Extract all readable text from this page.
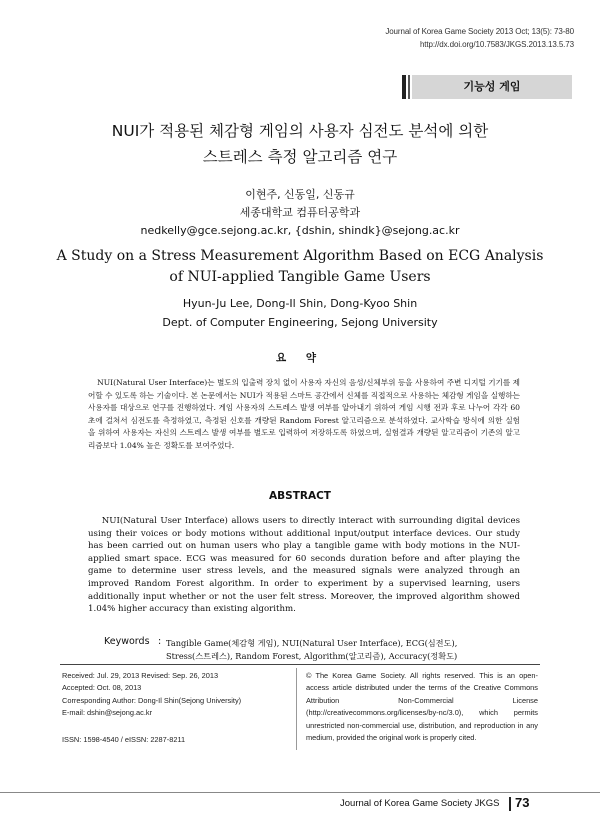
Journal of Korea Game Society 2013 Oct; 13(5): 73-80
http://dx.doi.org/10.7583/JKGS.2013.13.5.73
기능성 게임
NUI가 적용된 체감형 게임의 사용자 심전도 분석에 의한
스트레스 측정 알고리즘 연구
이현주, 신동일, 신동규
세종대학교 컴퓨터공학과
nedkelly@gce.sejong.ac.kr, {dshin, shindk}@sejong.ac.kr
A Study on a Stress Measurement Algorithm Based on ECG Analysis
of NUI-applied Tangible Game Users
Hyun-Ju Lee, Dong-Il Shin, Dong-Kyoo Shin
Dept. of Computer Engineering, Sejong University
요 약
NUI(Natural User Interface)는 별도의 입출력 장치 없이 사용자 자신의 음성/신체부위 등을 사용하여 주변 디지털 기기를 제어할 수 있도록 하는 기술이다. 본 논문에서는 NUI가 적용된 스마트 공간에서 신체를 직접적으로 사용하는 체감형 게임을 실행하는 사용자를 대상으로 연구를 진행하였다. 게임 사용자의 스트레스 발생 여부를 알아내기 위하여 게임 시행 전과 후로 나누어 각각 60초에 걸쳐서 심전도를 측정하였고, 측정된 신호를 개량된 Random Forest 알고리즘으로 분석하였다. 교사학습 방식에 의한 실험을 위하여 사용자는 자신의 스트레스 발생 여부를 별도로 입력하여 저장하도록 하였으며, 실험결과 개량된 알고리즘이 기존의 알고리즘보다 1.04% 높은 정확도를 보여주었다.
ABSTRACT
NUI(Natural User Interface) allows users to directly interact with surrounding digital devices using their voices or body motions without additional input/output interface devices. Our study has been carried out on human users who play a tangible game with body motions in the NUI-applied smart space. ECG was measured for 60 seconds duration before and after playing the game to determine user stress levels, and the measured signals were analyzed through an improved Random Forest algorithm. In order to experiment by a supervised learning, users additionally input whether or not the user felt stress. Moreover, the improved algorithm showed 1.04% higher accuracy than existing algorithm.
Keywords : Tangible Game(체감형 게임), NUI(Natural User Interface), ECG(심전도),
Stress(스트레스), Random Forest, Algorithm(알고리즘), Accuracy(정확도)
Received: Jul. 29, 2013 Revised: Sep. 26, 2013
Accepted: Oct. 08, 2013
Corresponding Author: Dong-Il Shin(Sejong University)
E-mail: dshin@sejong.ac.kr
ISSN: 1598-4540 / eISSN: 2287-8211
© The Korea Game Society. All rights reserved. This is an open-access article distributed under the terms of the Creative Commons Attribution Non-Commercial License (http://creativecommons.org/licenses/by-nc/3.0), which permits unrestricted non-commercial use, distribution, and reproduction in any medium, provided the original work is properly cited.
Journal of Korea Game Society JKGS 73
